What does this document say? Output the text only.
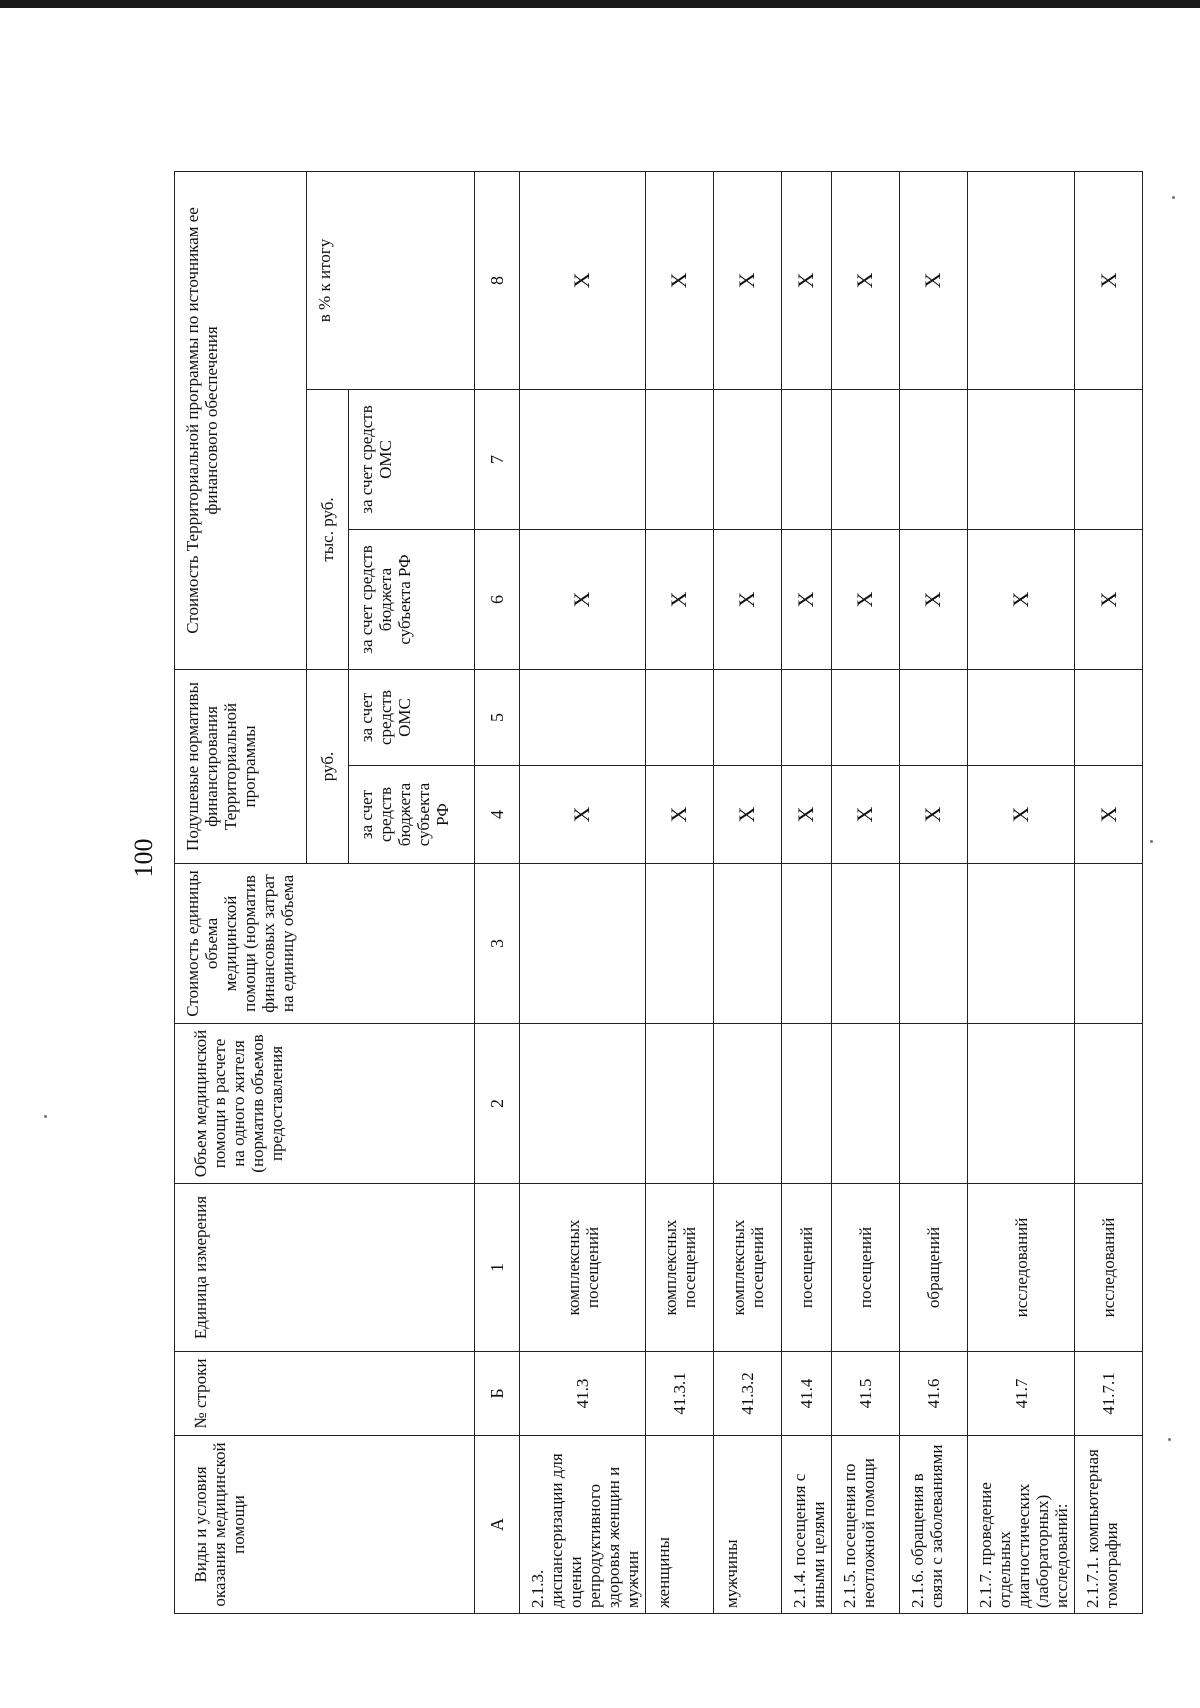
100
Виды и условия оказания медицинской помощи	№ строки	Единица измерения	Объем медицинской помощи в расчете на одного жителя (норматив объемов предоставления	Стоимость единицы объема медицинской помощи (норматив финансовых затрат на единицу объема	Подушевые нормативы финансирования Территориальной программы		Стоимость Территориальной программы по источникам ее финансового обеспечения		
					руб.		тыс. руб.		в % к итогу
					за счет средств бюджета субъекта РФ	за счет средств ОМС	за счет средств бюджета субъекта РФ	за счет средств ОМС	
А	Б	1	2	3	4	5	6	7	8
2.1.3. диспансеризации для оценки репродуктивного здоровья женщин и мужчин	41.3	комплексных посещений			X		X		X
женщины	41.3.1	комплексных посещений			X		X		X
мужчины	41.3.2	комплексных посещений			X		X		X
2.1.4. посещения с иными целями	41.4	посещений			X		X		X
2.1.5. посещения по неотложной помощи	41.5	посещений			X		X		X
2.1.6. обращения в связи с заболеваниями	41.6	обращений			X		X		X
2.1.7. проведение отдельных диагностических (лабораторных) исследований:	41.7	исследований			X		X		
2.1.7.1. компьютерная томография	41.7.1	исследований			X		X		X
